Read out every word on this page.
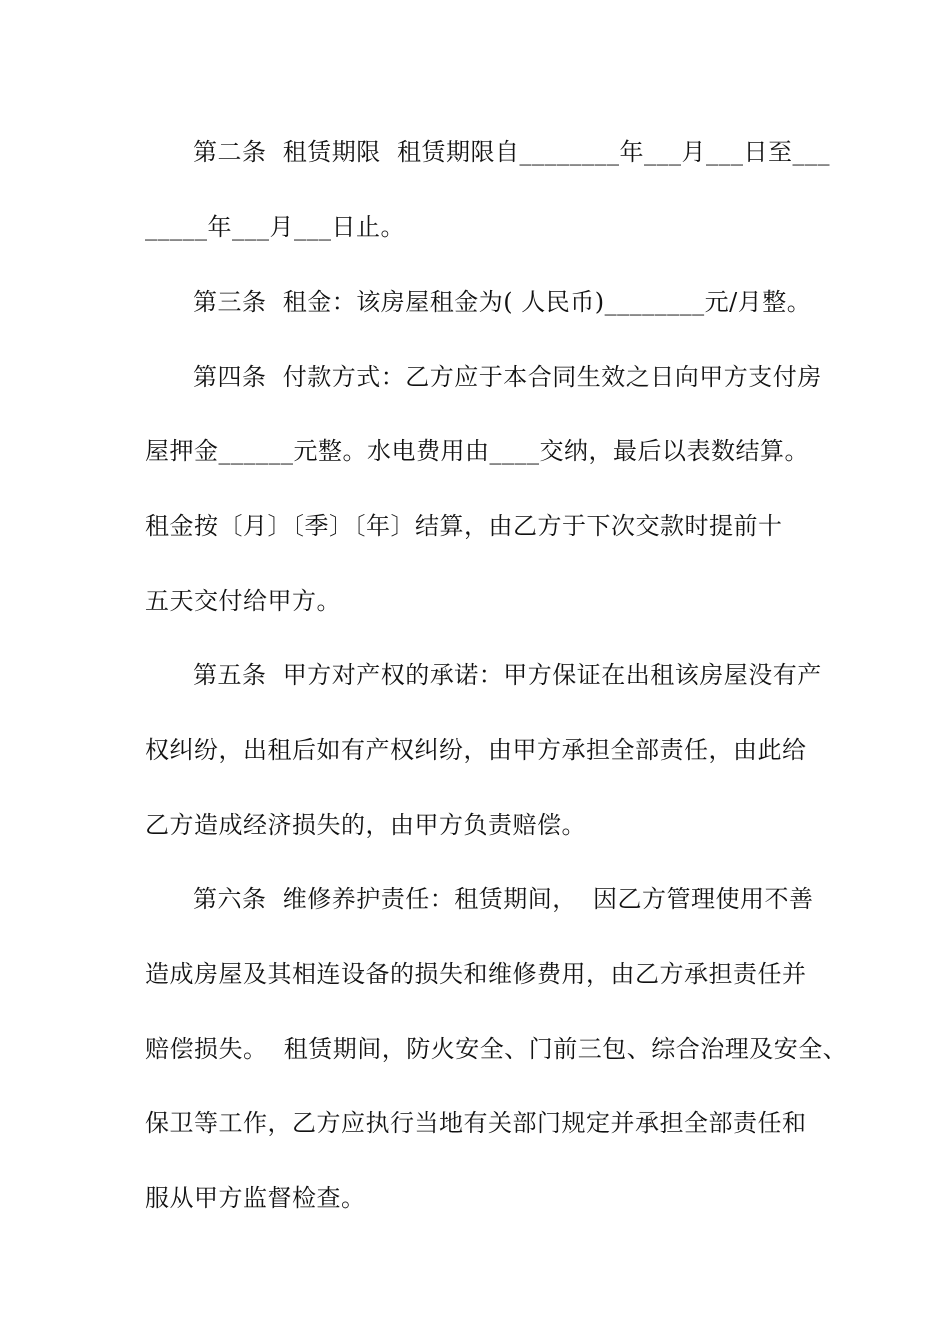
第二条  租赁期限  租赁期限自________年___月___日至___
_____年___月___日止。
第三条  租金：该房屋租金为( 人民币)________元/月整。
第四条  付款方式：乙方应于本合同生效之日向甲方支付房
屋押金______元整。水电费用由____交纳，最后以表数结算。
租金按〔月〕〔季〕〔年〕结算，由乙方于下次交款时提前十
五天交付给甲方。
第五条  甲方对产权的承诺：甲方保证在出租该房屋没有产
权纠纷，出租后如有产权纠纷，由甲方承担全部责任，由此给
乙方造成经济损失的，由甲方负责赔偿。
第六条  维修养护责任：租赁期间，  因乙方管理使用不善
造成房屋及其相连设备的损失和维修费用，由乙方承担责任并
赔偿损失。  租赁期间，防火安全、门前三包、综合治理及安全、
保卫等工作，乙方应执行当地有关部门规定并承担全部责任和
服从甲方监督检查。
